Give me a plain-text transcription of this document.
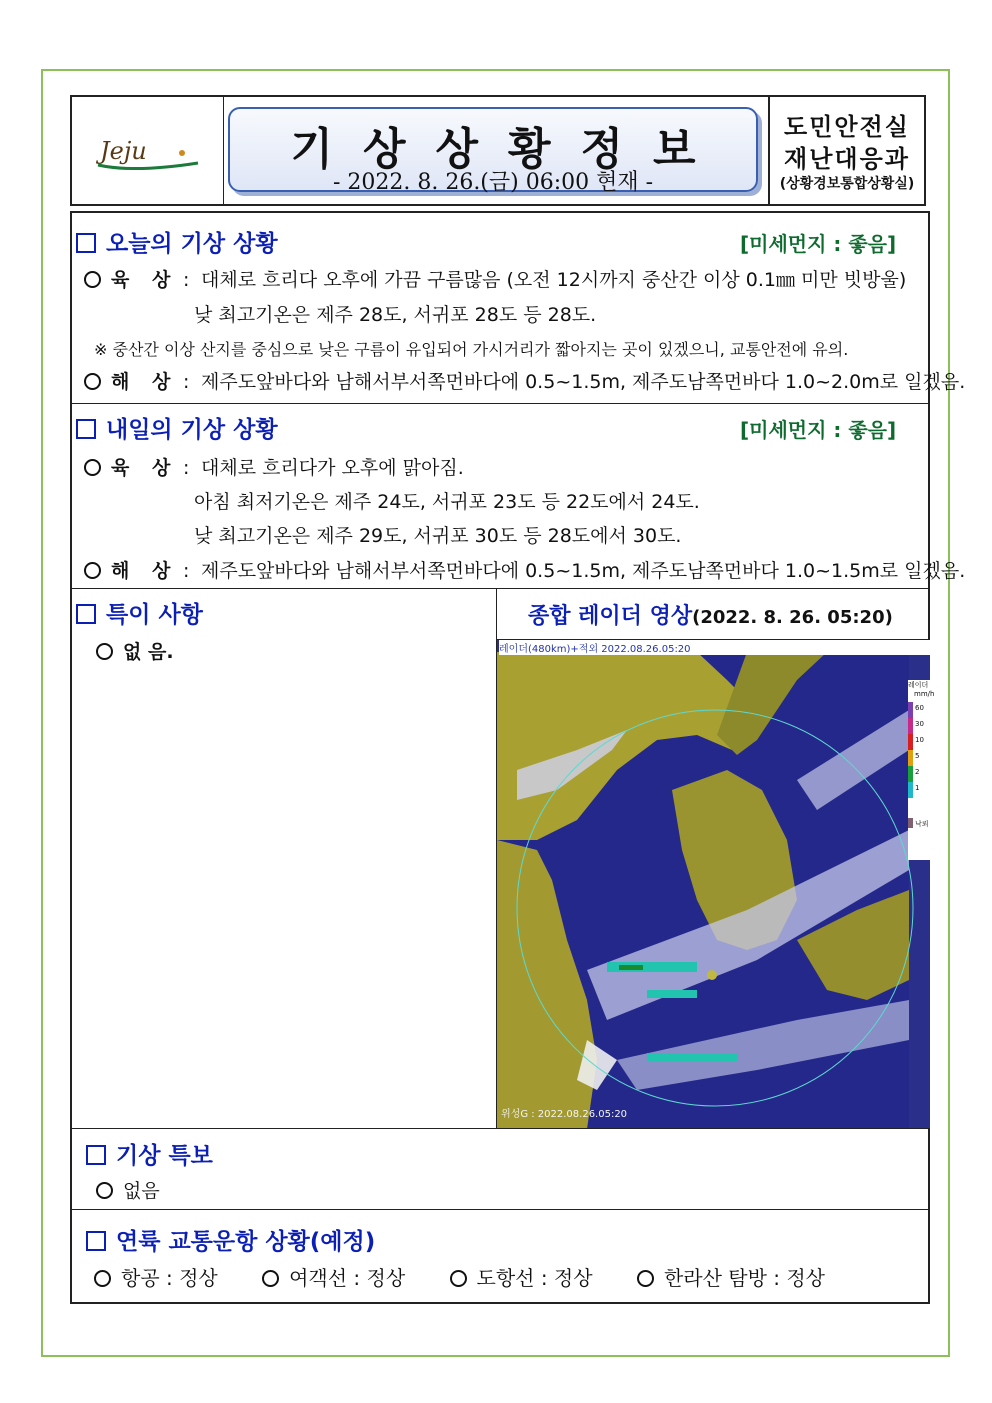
Jeju	기상상황정보
- 2022. 8. 26.(금) 06:00 현재 -
도민안전실
재난대응과
(상황경보통합상황실)
오늘의 기상 상황	[미세먼지 : 좋음]
육 상 : 대체로 흐리다 오후에 가끔 구름많음 (오전 12시까지 중산간 이상 0.1㎜ 미만 빗방울)
낮 최고기온은 제주 28도, 서귀포 28도 등 28도.
※ 중산간 이상 산지를 중심으로 낮은 구름이 유입되어 가시거리가 짧아지는 곳이 있겠으니, 교통안전에 유의.
해 상 : 제주도앞바다와 남해서부서쪽먼바다에 0.5~1.5m, 제주도남쪽먼바다 1.0~2.0m로 일겠음.
내일의 기상 상황	[미세먼지 : 좋음]
육 상 : 대체로 흐리다가 오후에 맑아짐.
아침 최저기온은 제주 24도, 서귀포 23도 등 22도에서 24도.
낮 최고기온은 제주 29도, 서귀포 30도 등 28도에서 30도.
해 상 : 제주도앞바다와 남해서부서쪽먼바다에 0.5~1.5m, 제주도남쪽먼바다 1.0~1.5m로 일겠음.
특이 사항
없 음.
종합 레이더 영상(2022. 8. 26. 05:20)
레이더(480km)+적외 2022.08.26.05:20
위성G : 2022.08.26.05:20
레이더
mm/h
60
30
10
5
2
1
낙뢰
기상 특보
없음
연륙 교통운항 상황(예정)
항공 : 정상	여객선 : 정상	도항선 : 정상	한라산 탐방 : 정상
